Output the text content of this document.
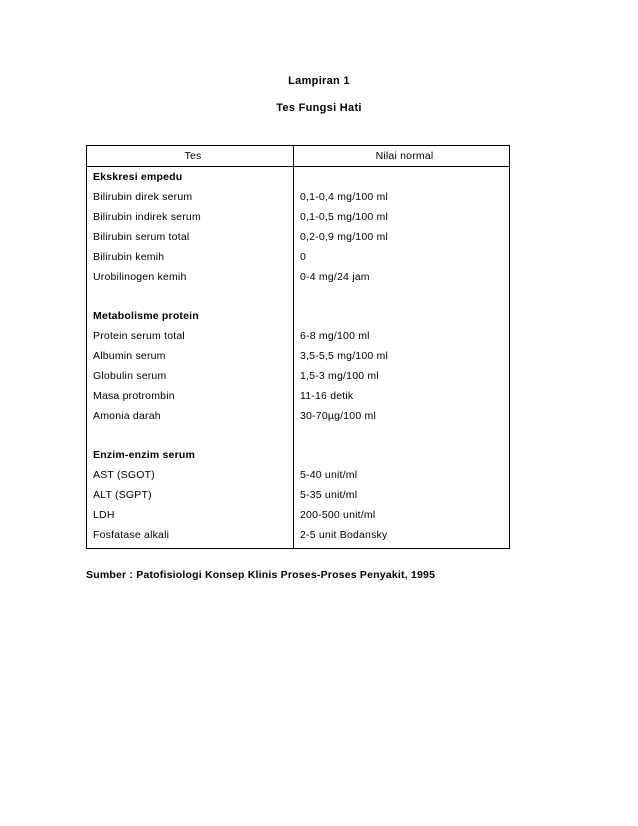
Lampiran 1
Tes Fungsi Hati
Tes	Nilai normal
Ekskresi empedu	
Bilirubin direk serum	0,1-0,4 mg/100 ml
Bilirubin indirek serum	0,1-0,5 mg/100 ml
Bilirubin serum total	0,2-0,9 mg/100 ml
Bilirubin kemih	0
Urobilinogen kemih	0-4 mg/24 jam

Metabolisme protein	
Protein serum total	6-8 mg/100 ml
Albumin serum	3,5-5,5 mg/100 ml
Globulin serum	1,5-3 mg/100 ml
Masa protrombin	11-16 detik
Amonia darah	30-70µg/100 ml

Enzim-enzim serum	
AST (SGOT)	5-40 unit/ml
ALT (SGPT)	5-35 unit/ml
LDH	200-500 unit/ml
Fosfatase alkali	2-5 unit Bodansky
Sumber : Patofisiologi Konsep Klinis Proses-Proses Penyakit, 1995
